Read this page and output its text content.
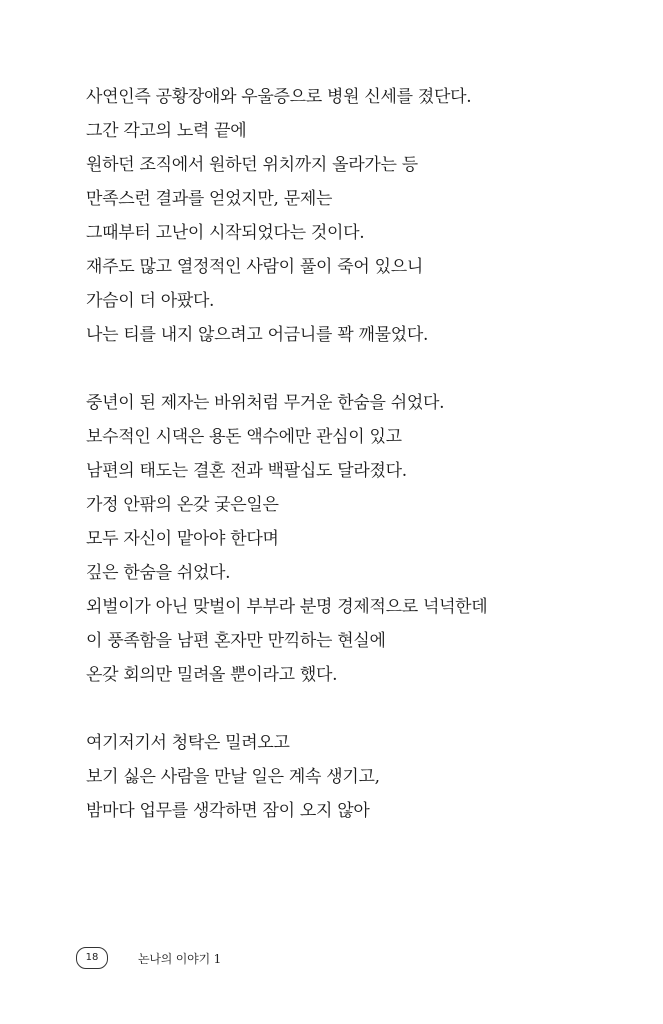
사연인즉 공황장애와 우울증으로 병원 신세를 졌단다.
그간 각고의 노력 끝에
원하던 조직에서 원하던 위치까지 올라가는 등
만족스런 결과를 얻었지만, 문제는
그때부터 고난이 시작되었다는 것이다.
재주도 많고 열정적인 사람이 풀이 죽어 있으니
가슴이 더 아팠다.
나는 티를 내지 않으려고 어금니를 꽉 깨물었다.
중년이 된 제자는 바위처럼 무거운 한숨을 쉬었다.
보수적인 시댁은 용돈 액수에만 관심이 있고
남편의 태도는 결혼 전과 백팔십도 달라졌다.
가정 안팎의 온갖 궂은일은
모두 자신이 맡아야 한다며
깊은 한숨을 쉬었다.
외벌이가 아닌 맞벌이 부부라 분명 경제적으로 넉넉한데
이 풍족함을 남편 혼자만 만끽하는 현실에
온갖 회의만 밀려올 뿐이라고 했다.
여기저기서 청탁은 밀려오고
보기 싫은 사람을 만날 일은 계속 생기고,
밤마다 업무를 생각하면 잠이 오지 않아
18	논나의 이야기 1
